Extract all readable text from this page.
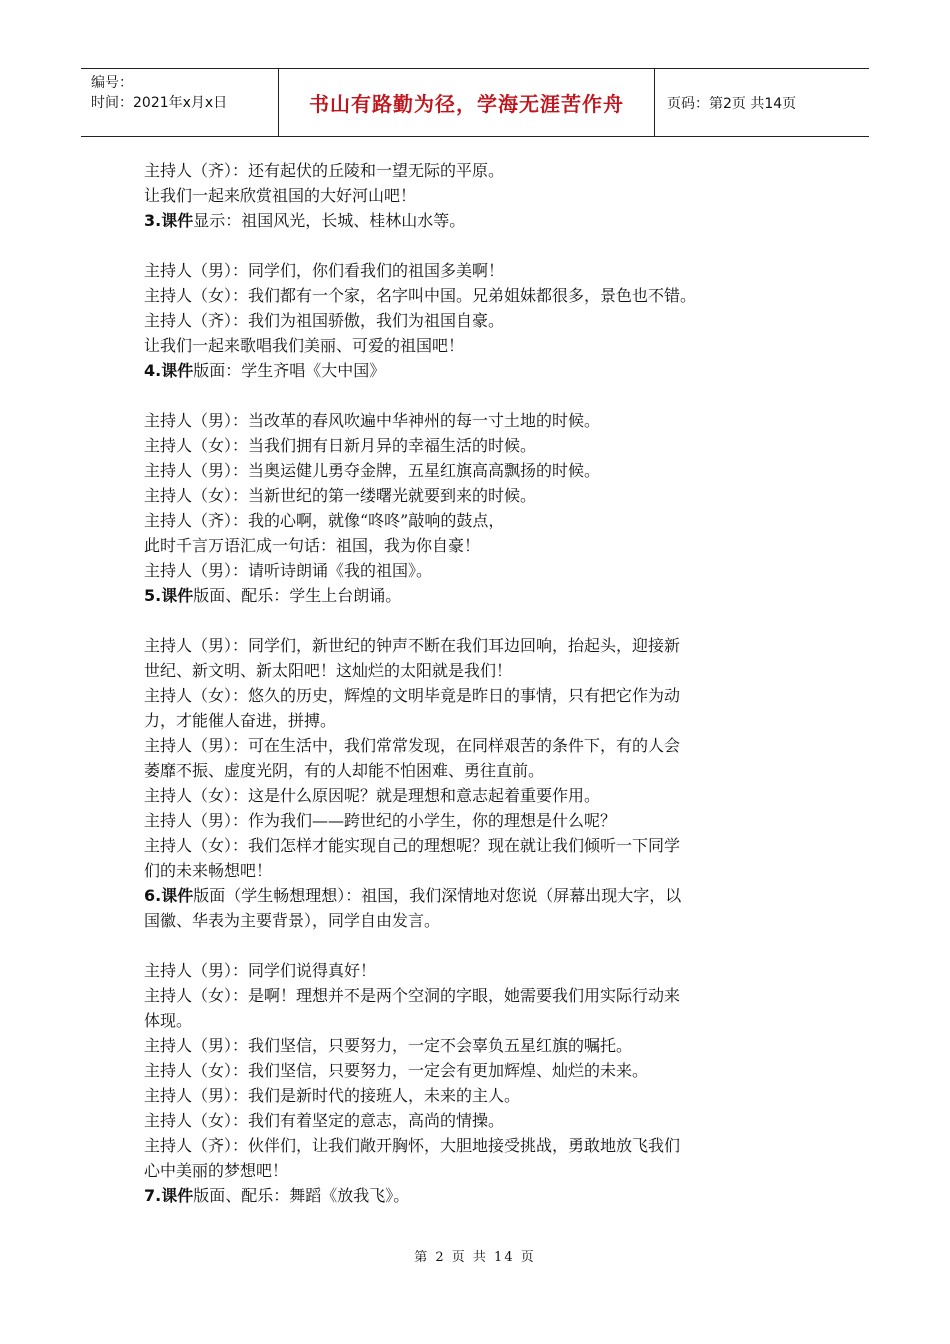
编号：
时间：2021年x月x日	书山有路勤为径，学海无涯苦作舟	页码：第2页 共14页
主持人（齐）：还有起伏的丘陵和一望无际的平原。
让我们一起来欣赏祖国的大好河山吧！
3.课件显示：祖国风光，长城、桂林山水等。
主持人（男）：同学们，你们看我们的祖国多美啊！
主持人（女）：我们都有一个家，名字叫中国。兄弟姐妹都很多，景色也不错。
主持人（齐）：我们为祖国骄傲，我们为祖国自豪。
让我们一起来歌唱我们美丽、可爱的祖国吧！
4.课件版面：学生齐唱《大中国》
主持人（男）：当改革的春风吹遍中华神州的每一寸土地的时候。
主持人（女）：当我们拥有日新月异的幸福生活的时候。
主持人（男）：当奥运健儿勇夺金牌，五星红旗高高飘扬的时候。
主持人（女）：当新世纪的第一缕曙光就要到来的时候。
主持人（齐）：我的心啊，就像“咚咚”敲响的鼓点，
此时千言万语汇成一句话：祖国，我为你自豪！
主持人（男）：请听诗朗诵《我的祖国》。
5.课件版面、配乐：学生上台朗诵。
主持人（男）：同学们，新世纪的钟声不断在我们耳边回响，抬起头，迎接新
世纪、新文明、新太阳吧！这灿烂的太阳就是我们！
主持人（女）：悠久的历史，辉煌的文明毕竟是昨日的事情，只有把它作为动
力，才能催人奋进，拼搏。
主持人（男）：可在生活中，我们常常发现，在同样艰苦的条件下，有的人会
萎靡不振、虚度光阴，有的人却能不怕困难、勇往直前。
主持人（女）：这是什么原因呢？就是理想和意志起着重要作用。
主持人（男）：作为我们——跨世纪的小学生，你的理想是什么呢？
主持人（女）：我们怎样才能实现自己的理想呢？现在就让我们倾听一下同学
们的未来畅想吧！
6.课件版面（学生畅想理想）：祖国，我们深情地对您说（屏幕出现大字，以
国徽、华表为主要背景），同学自由发言。
主持人（男）：同学们说得真好！
主持人（女）：是啊！理想并不是两个空洞的字眼，她需要我们用实际行动来
体现。
主持人（男）：我们坚信，只要努力，一定不会辜负五星红旗的嘱托。
主持人（女）：我们坚信，只要努力，一定会有更加辉煌、灿烂的未来。
主持人（男）：我们是新时代的接班人，未来的主人。
主持人（女）：我们有着坚定的意志，高尚的情操。
主持人（齐）：伙伴们，让我们敞开胸怀，大胆地接受挑战，勇敢地放飞我们
心中美丽的梦想吧！
7.课件版面、配乐：舞蹈《放我飞》。
第 2 页 共 14 页
